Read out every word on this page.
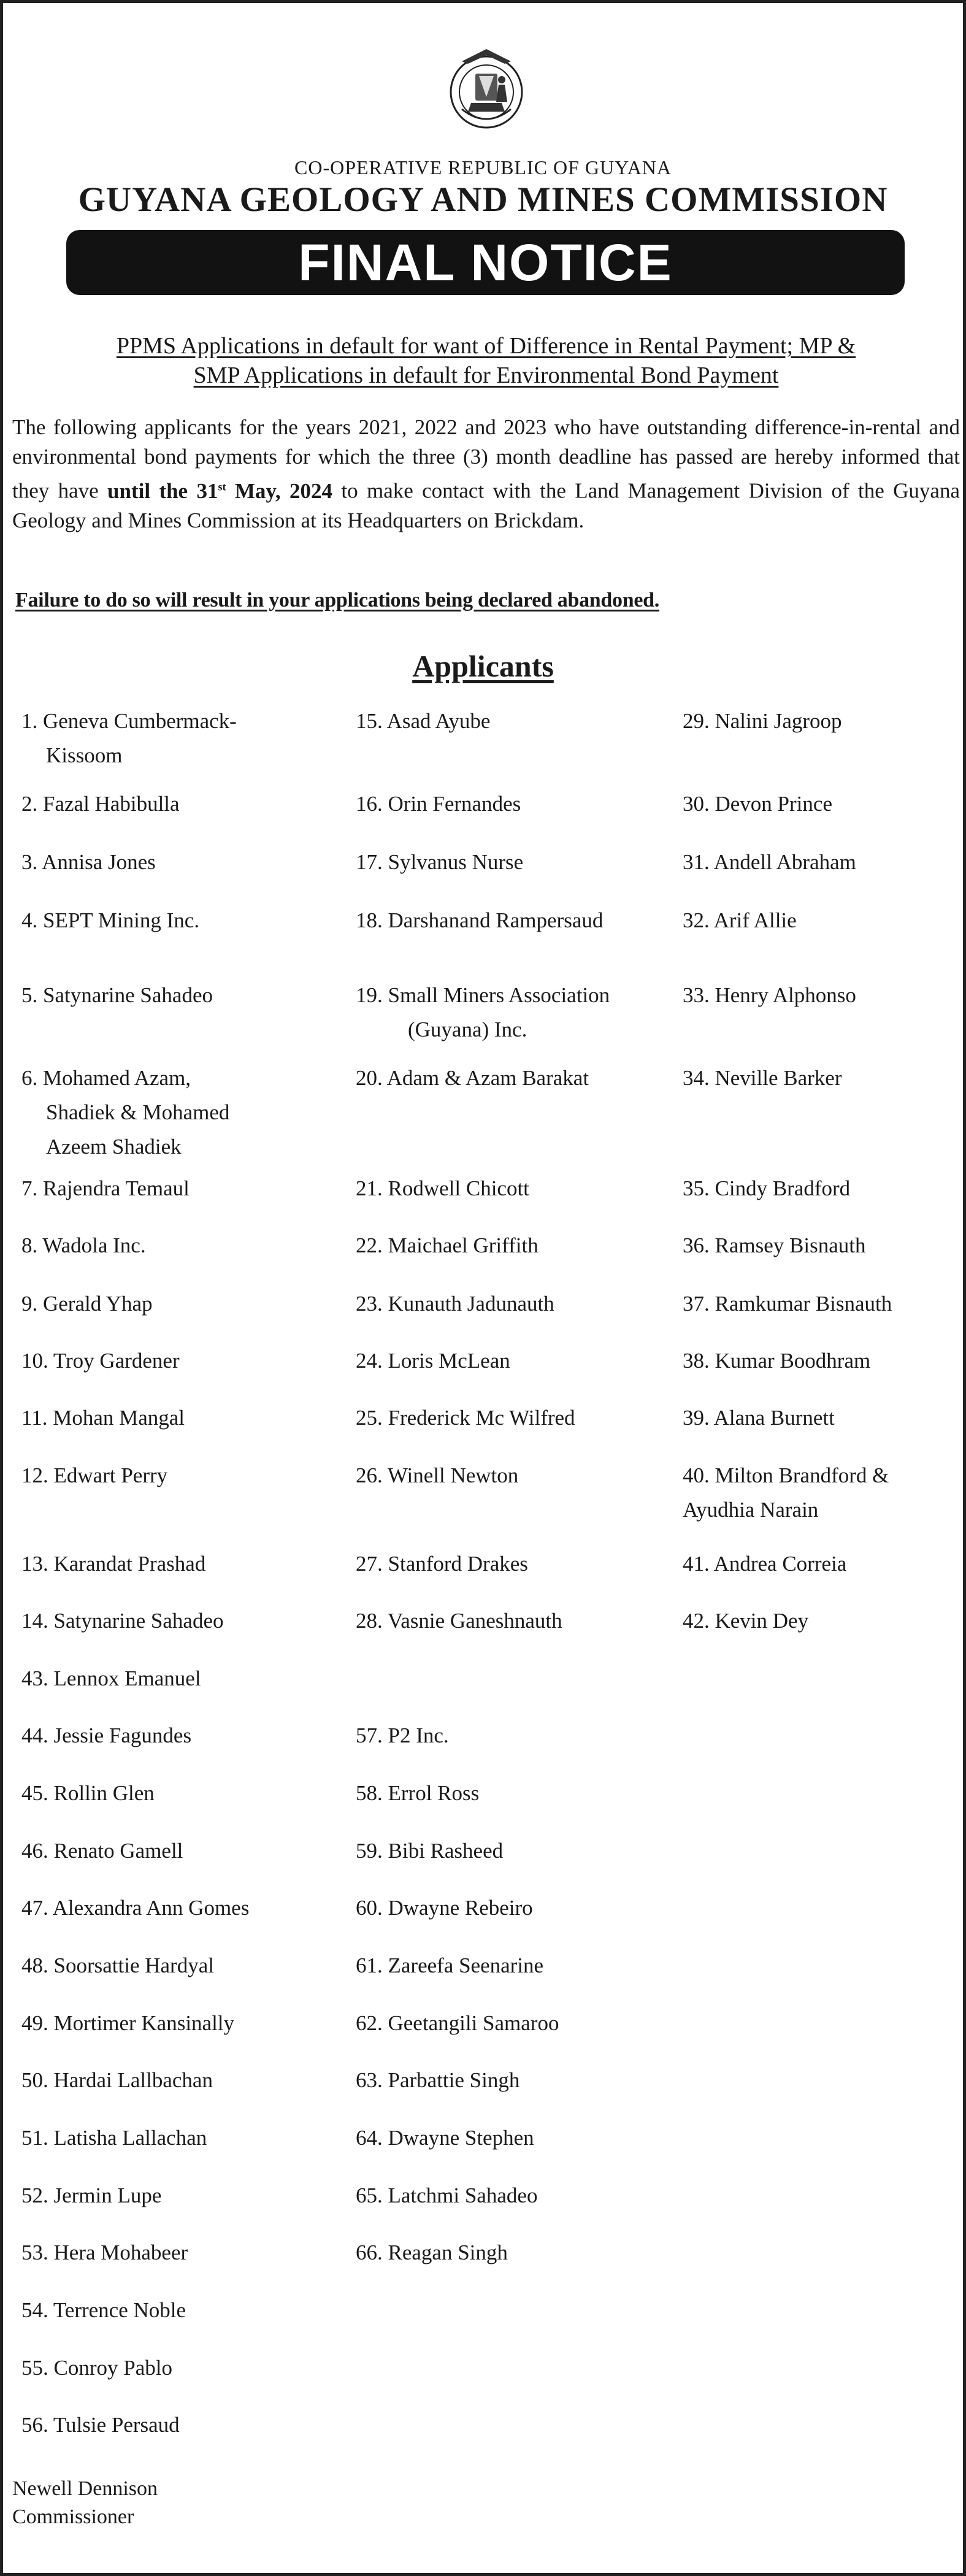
CO-OPERATIVE REPUBLIC OF GUYANA
GUYANA GEOLOGY AND MINES COMMISSION
FINAL NOTICE
PPMS Applications in default for want of Difference in Rental Payment; MP &
SMP Applications in default for Environmental Bond Payment
The following applicants for the years 2021, 2022 and 2023 who have outstanding difference-in-rental and environmental bond payments for which the three (3) month deadline has passed are hereby informed that they have until the 31st May, 2024 to make contact with the Land Management Division of the Guyana Geology and Mines Commission at its Headquarters on Brickdam.
Failure to do so will result in your applications being declared abandoned.
Applicants
1. Geneva Cumbermack-
Kissoom
2. Fazal Habibulla
3. Annisa Jones
4. SEPT Mining Inc.
5. Satynarine Sahadeo
6. Mohamed Azam,
Shadiek & Mohamed
Azeem Shadiek
7. Rajendra Temaul
8. Wadola Inc.
9. Gerald Yhap
10. Troy Gardener
11. Mohan Mangal
12. Edwart Perry
13. Karandat Prashad
14. Satynarine Sahadeo
15. Asad Ayube
16. Orin Fernandes
17. Sylvanus Nurse
18. Darshanand Rampersaud
19. Small Miners Association
(Guyana) Inc.
20. Adam & Azam Barakat
21. Rodwell Chicott
22. Maichael Griffith
23. Kunauth Jadunauth
24. Loris McLean
25. Frederick Mc Wilfred
26. Winell Newton
27. Stanford Drakes
28. Vasnie Ganeshnauth
29. Nalini Jagroop
30. Devon Prince
31. Andell Abraham
32. Arif Allie
33. Henry Alphonso
34. Neville Barker
35. Cindy Bradford
36. Ramsey Bisnauth
37. Ramkumar Bisnauth
38. Kumar Boodhram
39. Alana Burnett
40. Milton Brandford &
Ayudhia Narain
41. Andrea Correia
42. Kevin Dey
43. Lennox Emanuel
44. Jessie Fagundes
45. Rollin Glen
46. Renato Gamell
47. Alexandra Ann Gomes
48. Soorsattie Hardyal
49. Mortimer Kansinally
50. Hardai Lallbachan
51. Latisha Lallachan
52. Jermin Lupe
53. Hera Mohabeer
54. Terrence Noble
55. Conroy Pablo
56. Tulsie Persaud
57. P2 Inc.
58. Errol Ross
59. Bibi Rasheed
60. Dwayne Rebeiro
61. Zareefa Seenarine
62. Geetangili Samaroo
63. Parbattie Singh
64. Dwayne Stephen
65. Latchmi Sahadeo
66. Reagan Singh
Newell Dennison
Commissioner
